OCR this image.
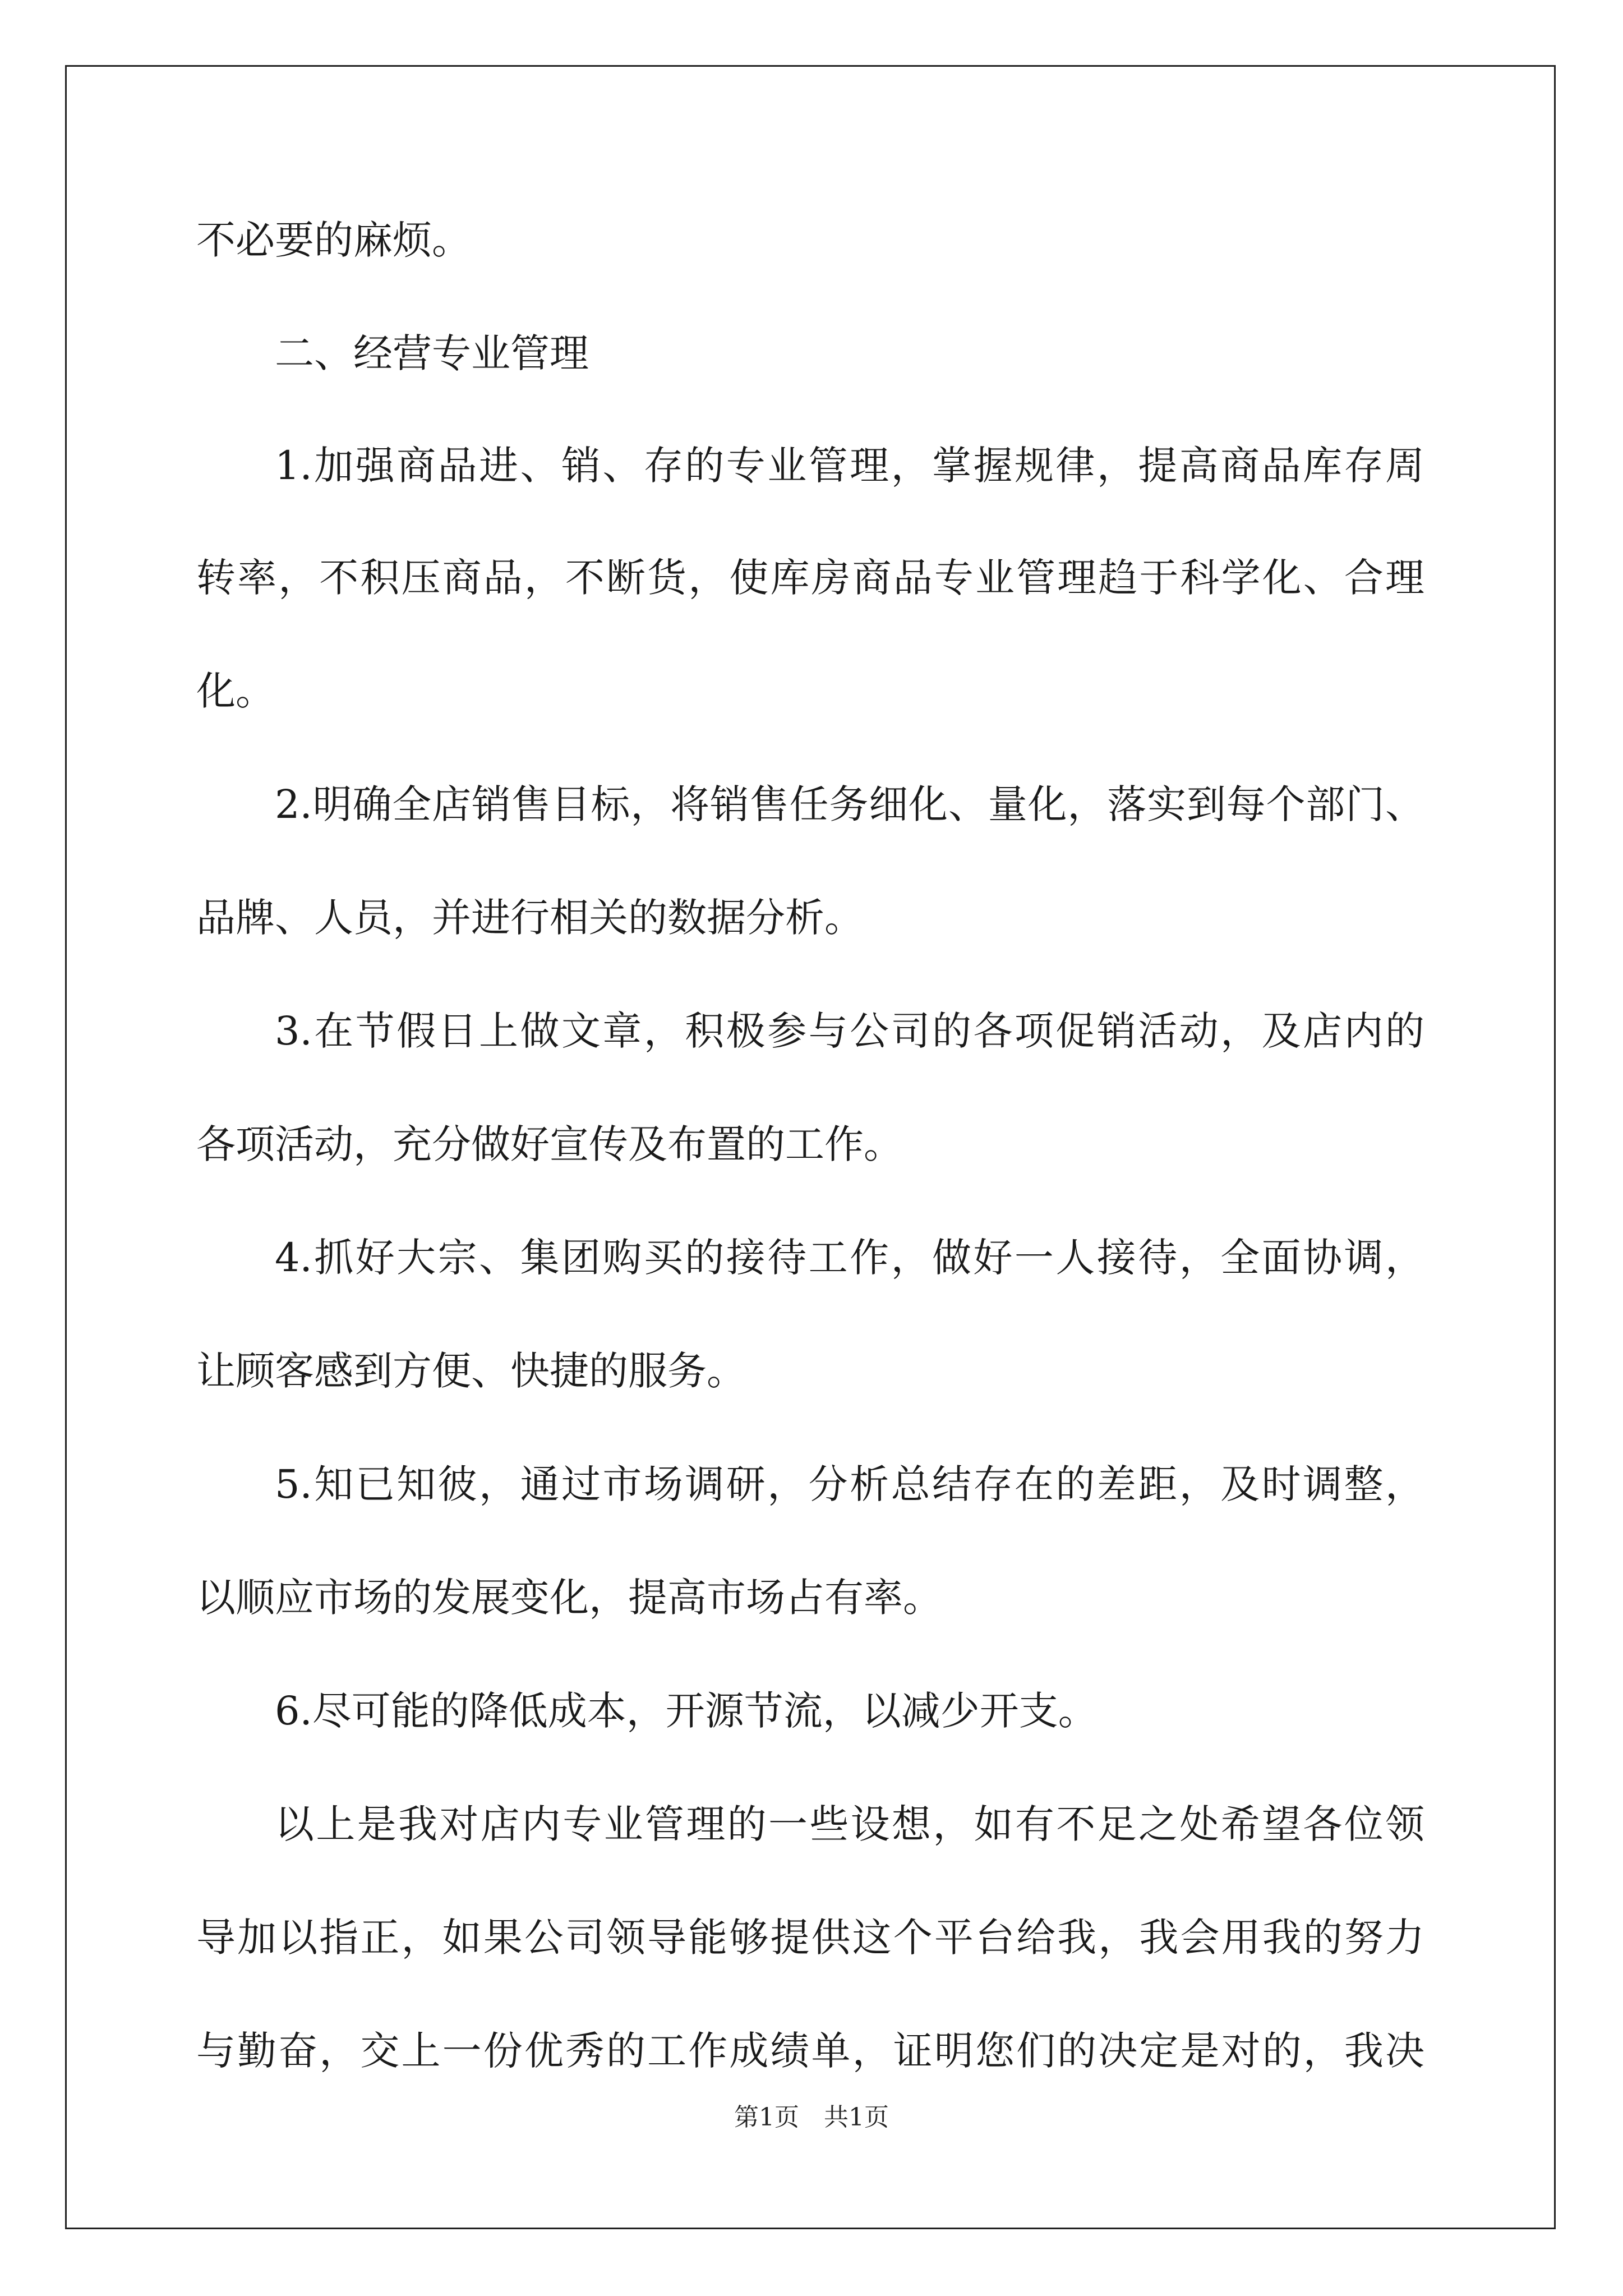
不必要的麻烦。
二、经营专业管理
1.加强商品进、销、存的专业管理，掌握规律，提高商品库存周
转率，不积压商品，不断货，使库房商品专业管理趋于科学化、合理
化。
2.明确全店销售目标，将销售任务细化、量化，落实到每个部门、
品牌、人员，并进行相关的数据分析。
3.在节假日上做文章，积极参与公司的各项促销活动，及店内的
各项活动，充分做好宣传及布置的工作。
4.抓好大宗、集团购买的接待工作，做好一人接待，全面协调，
让顾客感到方便、快捷的服务。
5.知已知彼，通过市场调研，分析总结存在的差距，及时调整，
以顺应市场的发展变化，提高市场占有率。
6.尽可能的降低成本，开源节流，以减少开支。
以上是我对店内专业管理的一些设想，如有不足之处希望各位领
导加以指正，如果公司领导能够提供这个平台给我，我会用我的努力
与勤奋，交上一份优秀的工作成绩单，证明您们的决定是对的，我决
第1页　共1页
